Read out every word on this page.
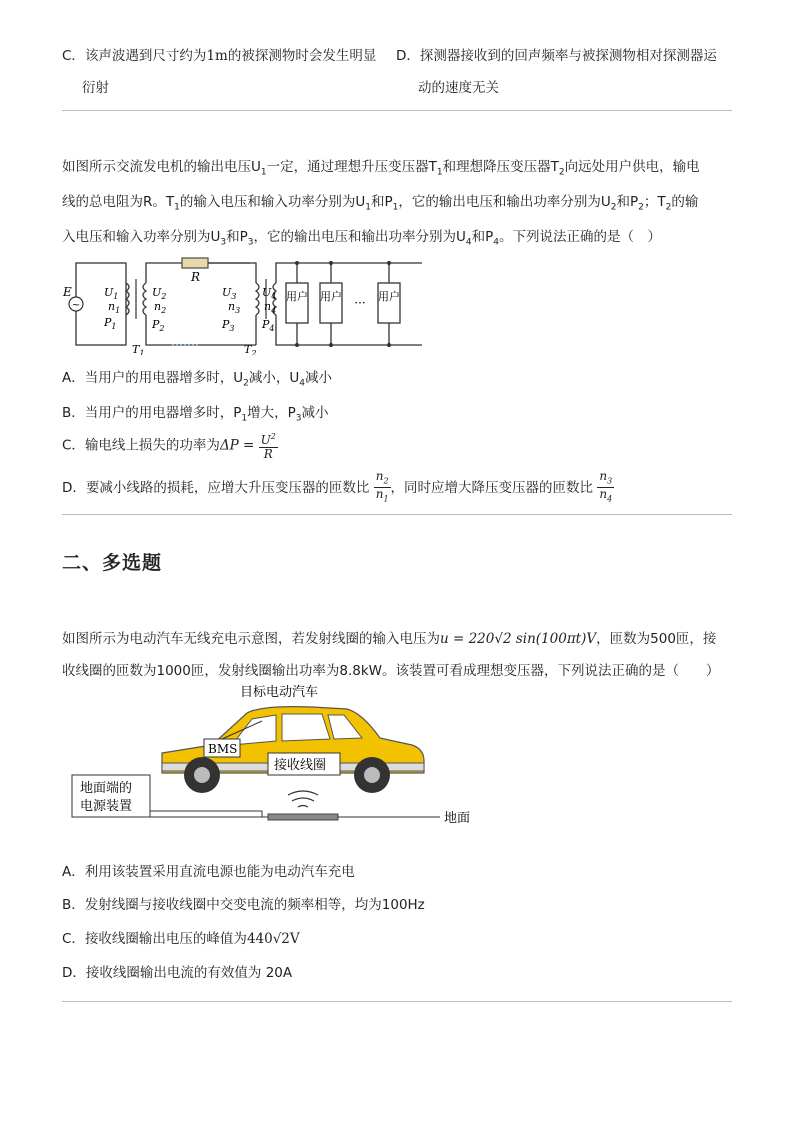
C．该声波遇到尺寸约为1m的被探测物时会发生明显
衍射
D．探测器接收到的回声频率与被探测物相对探测器运
动的速度无关
如图所示交流发电机的输出电压$U_1$一定，通过理想升压变压器$T_1$和理想降压变压器$T_2$向远处用户供电，输电
线的总电阻为R。$T_1$的输入电压和输入功率分别为$U_1$和$P_1$，它的输出电压和输出功率分别为$U_2$和$P_2$；$T_2$的输
入电压和输入功率分别为$U_3$和$P_3$，它的输出电压和输出功率分别为$U_4$和$P_4$。下列说法正确的是（　）
~
E
R
$U_1$
$n_1$
$P_1$
$U_2$
$n_2$
$P_2$
$U_3$
$n_3$
$P_3$
$U_4$
$n_4$
$P_4$
$T_1$	$T_2$
用户 用户	用户
···
A．当用户的用电器增多时，$U_2$减小，$U_4$减小
B．当用户的用电器增多时，$P_1$增大，$P_3$减小
C．输电线上损失的功率为$\Delta P = \frac{U^2}{R}$
D．要减小线路的损耗，应增大升压变压器的匝数比 $\frac{n_2}{n_1}$ ，同时应增大降压变压器的匝数比 $\frac{n_3}{n_4}$
二、多选题
如图所示为电动汽车无线充电示意图，若发射线圈的输入电压为u = 220√2 sin(100πt)V，匝数为500匝，接
收线圈的匝数为1000匝，发射线圈输出功率为8.8kW。该装置可看成理想变压器，下列说法正确的是（　　）
目标电动汽车
BMS
接收线圈
地面端的
电源装置
地面
A．利用该装置采用直流电源也能为电动汽车充电
B．发射线圈与接收线圈中交变电流的频率相等，均为100Hz
C．接收线圈输出电压的峰值为440√2V
D．接收线圈输出电流的有效值为 20A
